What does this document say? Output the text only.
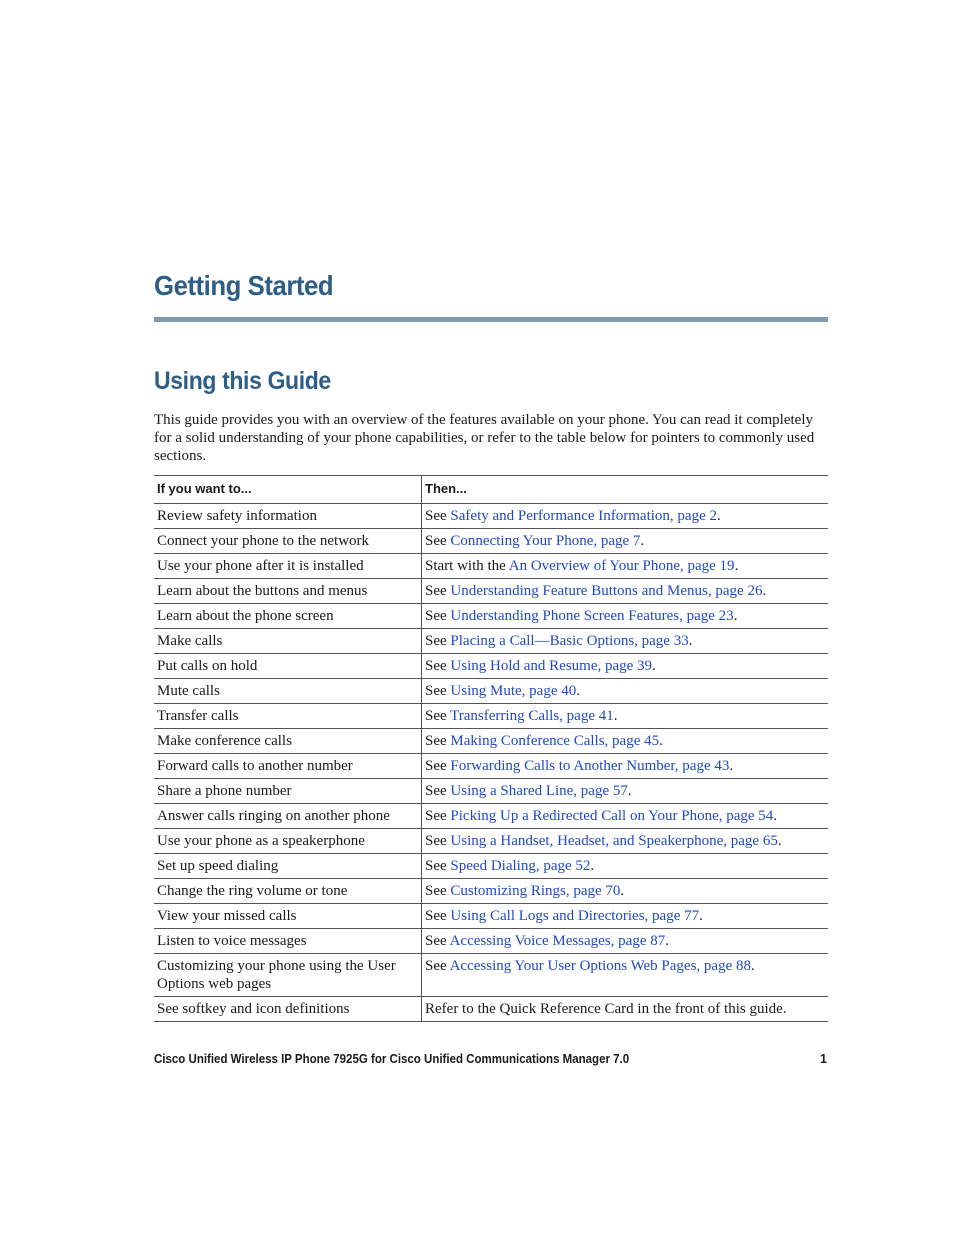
Getting Started
Using this Guide

This guide provides you with an overview of the features available on your phone. You can read it completely for a solid understanding of your phone capabilities, or refer to the table below for pointers to commonly used sections.

If you want to...	Then...
Review safety information	See Safety and Performance Information, page 2.
Connect your phone to the network	See Connecting Your Phone, page 7.
Use your phone after it is installed	Start with the An Overview of Your Phone, page 19.
Learn about the buttons and menus	See Understanding Feature Buttons and Menus, page 26.
Learn about the phone screen	See Understanding Phone Screen Features, page 23.
Make calls	See Placing a Call—Basic Options, page 33.
Put calls on hold	See Using Hold and Resume, page 39.
Mute calls	See Using Mute, page 40.
Transfer calls	See Transferring Calls, page 41.
Make conference calls	See Making Conference Calls, page 45.
Forward calls to another number	See Forwarding Calls to Another Number, page 43.
Share a phone number	See Using a Shared Line, page 57.
Answer calls ringing on another phone	See Picking Up a Redirected Call on Your Phone, page 54.
Use your phone as a speakerphone	See Using a Handset, Headset, and Speakerphone, page 65.
Set up speed dialing	See Speed Dialing, page 52.
Change the ring volume or tone	See Customizing Rings, page 70.
View your missed calls	See Using Call Logs and Directories, page 77.
Listen to voice messages	See Accessing Voice Messages, page 87.
Customizing your phone using the User Options web pages	See Accessing Your User Options Web Pages, page 88.
See softkey and icon definitions	Refer to the Quick Reference Card in the front of this guide.
Cisco Unified Wireless IP Phone 7925G for Cisco Unified Communications Manager 7.0	1
